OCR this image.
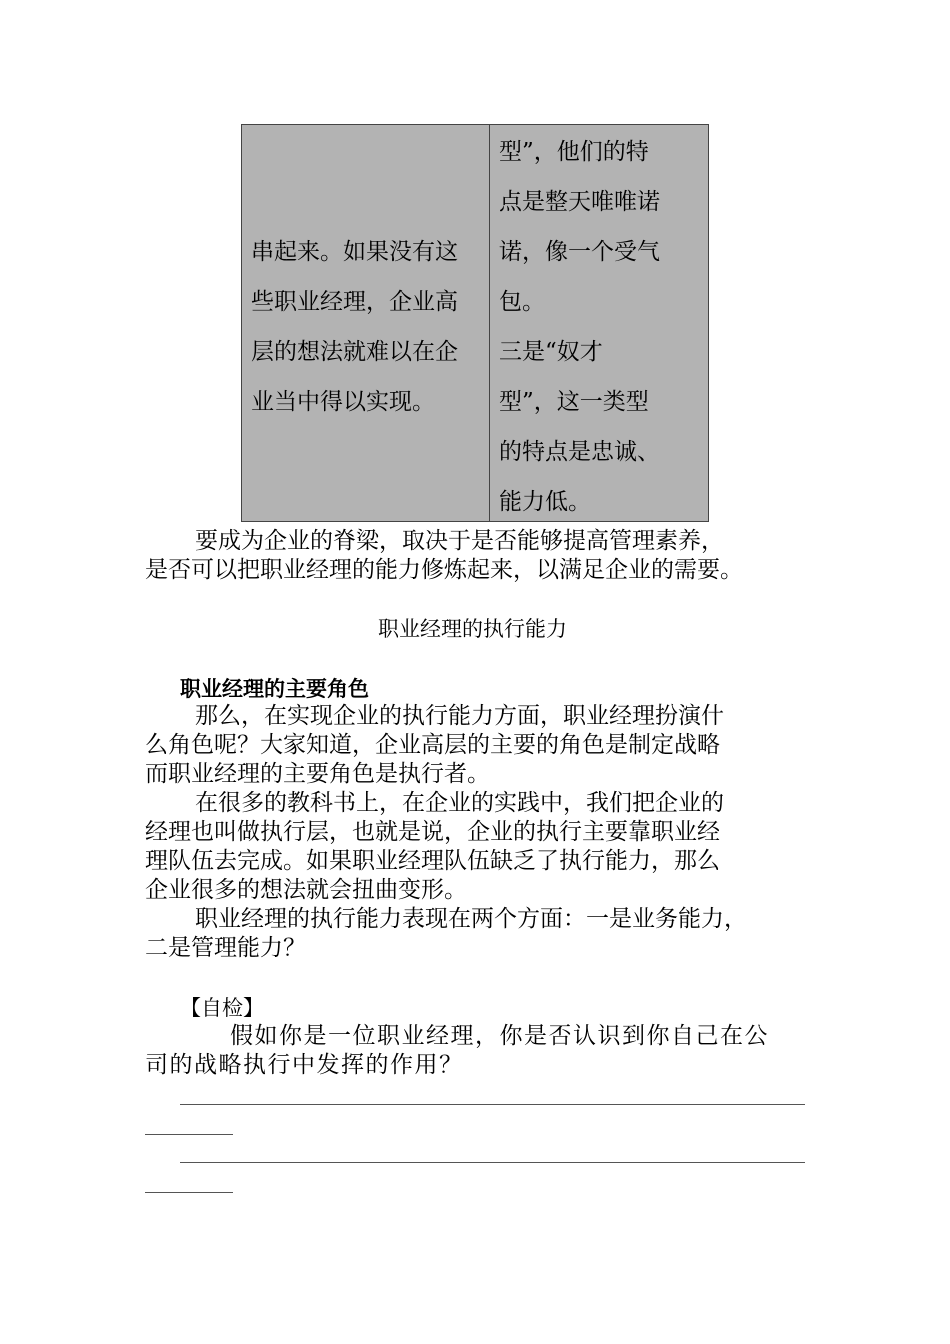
串起来。如果没有这
些职业经理，企业高
层的想法就难以在企
业当中得以实现。
型”，他们的特
点是整天唯唯诺
诺，像一个受气
包。
三是“奴才
型”，这一类型
的特点是忠诚、
能力低。
要成为企业的脊梁，取决于是否能够提高管理素养，
是否可以把职业经理的能力修炼起来，以满足企业的需要。
职业经理的执行能力
职业经理的主要角色
那么，在实现企业的执行能力方面，职业经理扮演什
么角色呢？大家知道，企业高层的主要的角色是制定战略
而职业经理的主要角色是执行者。
在很多的教科书上，在企业的实践中，我们把企业的
经理也叫做执行层，也就是说，企业的执行主要靠职业经
理队伍去完成。如果职业经理队伍缺乏了执行能力，那么
企业很多的想法就会扭曲变形。
职业经理的执行能力表现在两个方面：一是业务能力，
二是管理能力？
【自检】
假如你是一位职业经理，你是否认识到你自己在公
司的战略执行中发挥的作用？
